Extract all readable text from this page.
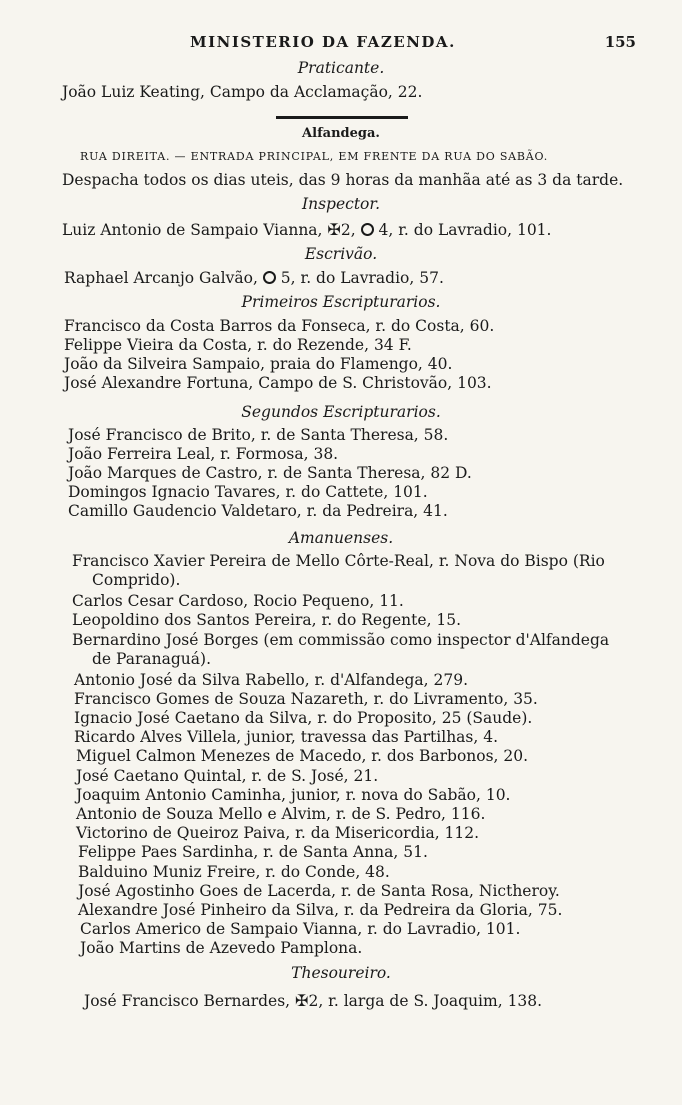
MINISTERIO DA FAZENDA.	155
Praticante.
João Luiz Keating, Campo da Acclamação, 22.
Alfandega.
RUA DIREITA. — ENTRADA PRINCIPAL, EM FRENTE DA RUA DO SABÃO.
Despacha todos os dias uteis, das 9 horas da manhãa até as 3 da tarde.
Inspector.
Luiz Antonio de Sampaio Vianna, ✠2, 4, r. do Lavradio, 101.
Escrivão.
Raphael Arcanjo Galvão, 5, r. do Lavradio, 57.
Primeiros Escripturarios.
Francisco da Costa Barros da Fonseca, r. do Costa, 60.
Felippe Vieira da Costa, r. do Rezende, 34 F.
João da Silveira Sampaio, praia do Flamengo, 40.
José Alexandre Fortuna, Campo de S. Christovão, 103.
Segundos Escripturarios.
José Francisco de Brito, r. de Santa Theresa, 58.
João Ferreira Leal, r. Formosa, 38.
João Marques de Castro, r. de Santa Theresa, 82 D.
Domingos Ignacio Tavares, r. do Cattete, 101.
Camillo Gaudencio Valdetaro, r. da Pedreira, 41.
Amanuenses.
Francisco Xavier Pereira de Mello Côrte-Real, r. Nova do Bispo (Rio
Comprido).
Carlos Cesar Cardoso, Rocio Pequeno, 11.
Leopoldino dos Santos Pereira, r. do Regente, 15.
Bernardino José Borges (em commissão como inspector d'Alfandega
de Paranaguá).
Antonio José da Silva Rabello, r. d'Alfandega, 279.
Francisco Gomes de Souza Nazareth, r. do Livramento, 35.
Ignacio José Caetano da Silva, r. do Proposito, 25 (Saude).
Ricardo Alves Villela, junior, travessa das Partilhas, 4.
Miguel Calmon Menezes de Macedo, r. dos Barbonos, 20.
José Caetano Quintal, r. de S. José, 21.
Joaquim Antonio Caminha, junior, r. nova do Sabão, 10.
Antonio de Souza Mello e Alvim, r. de S. Pedro, 116.
Victorino de Queiroz Paiva, r. da Misericordia, 112.
Felippe Paes Sardinha, r. de Santa Anna, 51.
Balduino Muniz Freire, r. do Conde, 48.
José Agostinho Goes de Lacerda, r. de Santa Rosa, Nictheroy.
Alexandre José Pinheiro da Silva, r. da Pedreira da Gloria, 75.
Carlos Americo de Sampaio Vianna, r. do Lavradio, 101.
João Martins de Azevedo Pamplona.
Thesoureiro.
José Francisco Bernardes, ✠2, r. larga de S. Joaquim, 138.
